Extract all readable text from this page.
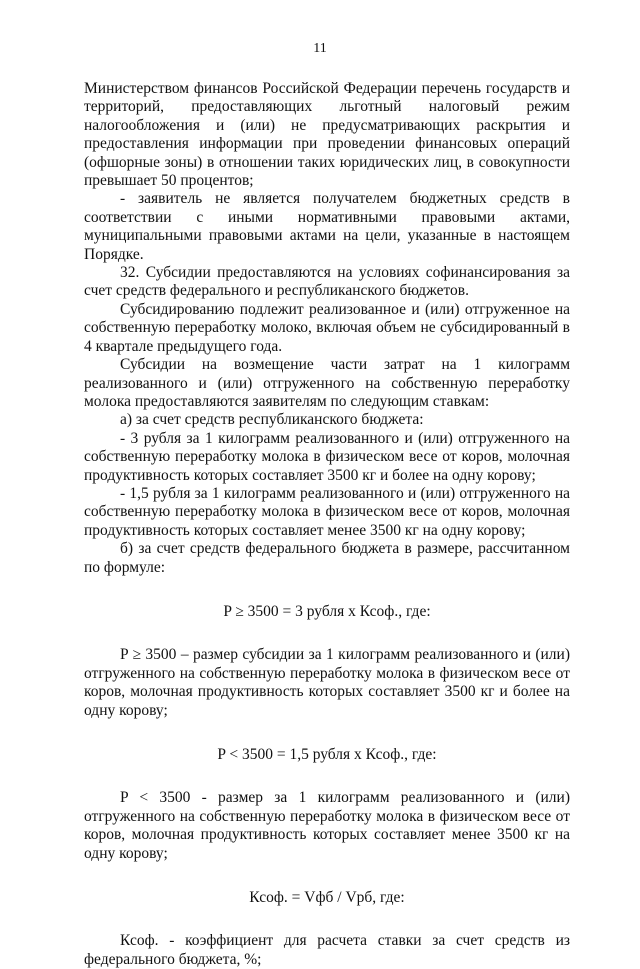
11

Министерством финансов Российской Федерации перечень государств и территорий, предоставляющих льготный налоговый режим налогообложения и (или) не предусматривающих раскрытия и предоставления информации при проведении финансовых операций (офшорные зоны) в отношении таких юридических лиц, в совокупности превышает 50 процентов;

- заявитель не является получателем бюджетных средств в соответствии с иными нормативными правовыми актами, муниципальными правовыми актами на цели, указанные в настоящем Порядке.

32. Субсидии предоставляются на условиях софинансирования за счет средств федерального и республиканского бюджетов.

Субсидированию подлежит реализованное и (или) отгруженное на собственную переработку молоко, включая объем не субсидированный в 4 квартале предыдущего года.

Субсидии на возмещение части затрат на 1 килограмм реализованного и (или) отгруженного на собственную переработку молока предоставляются заявителям по следующим ставкам:

а) за счет средств республиканского бюджета:

- 3 рубля за 1 килограмм реализованного и (или) отгруженного на собственную переработку молока в физическом весе от коров, молочная продуктивность которых составляет 3500 кг и более на одну корову;

- 1,5 рубля за 1 килограмм реализованного и (или) отгруженного на собственную переработку молока в физическом весе от коров, молочная продуктивность которых составляет менее 3500 кг на одну корову;

б) за счет средств федерального бюджета в размере, рассчитанном по формуле:

P ≥ 3500 = 3 рубля x Ксоф., где:

P ≥ 3500 – размер субсидии за 1 килограмм реализованного и (или) отгруженного на собственную переработку молока в физическом весе от коров, молочная продуктивность которых составляет 3500 кг и более на одну корову;

P < 3500 = 1,5 рубля x Ксоф., где:

P < 3500 - размер за 1 килограмм реализованного и (или) отгруженного на собственную переработку молока в физическом весе от коров, молочная продуктивность которых составляет менее 3500 кг на одну корову;

Ксоф. = Vфб / Vрб, где:

Ксоф. - коэффициент для расчета ставки за счет средств из федерального бюджета, %;
